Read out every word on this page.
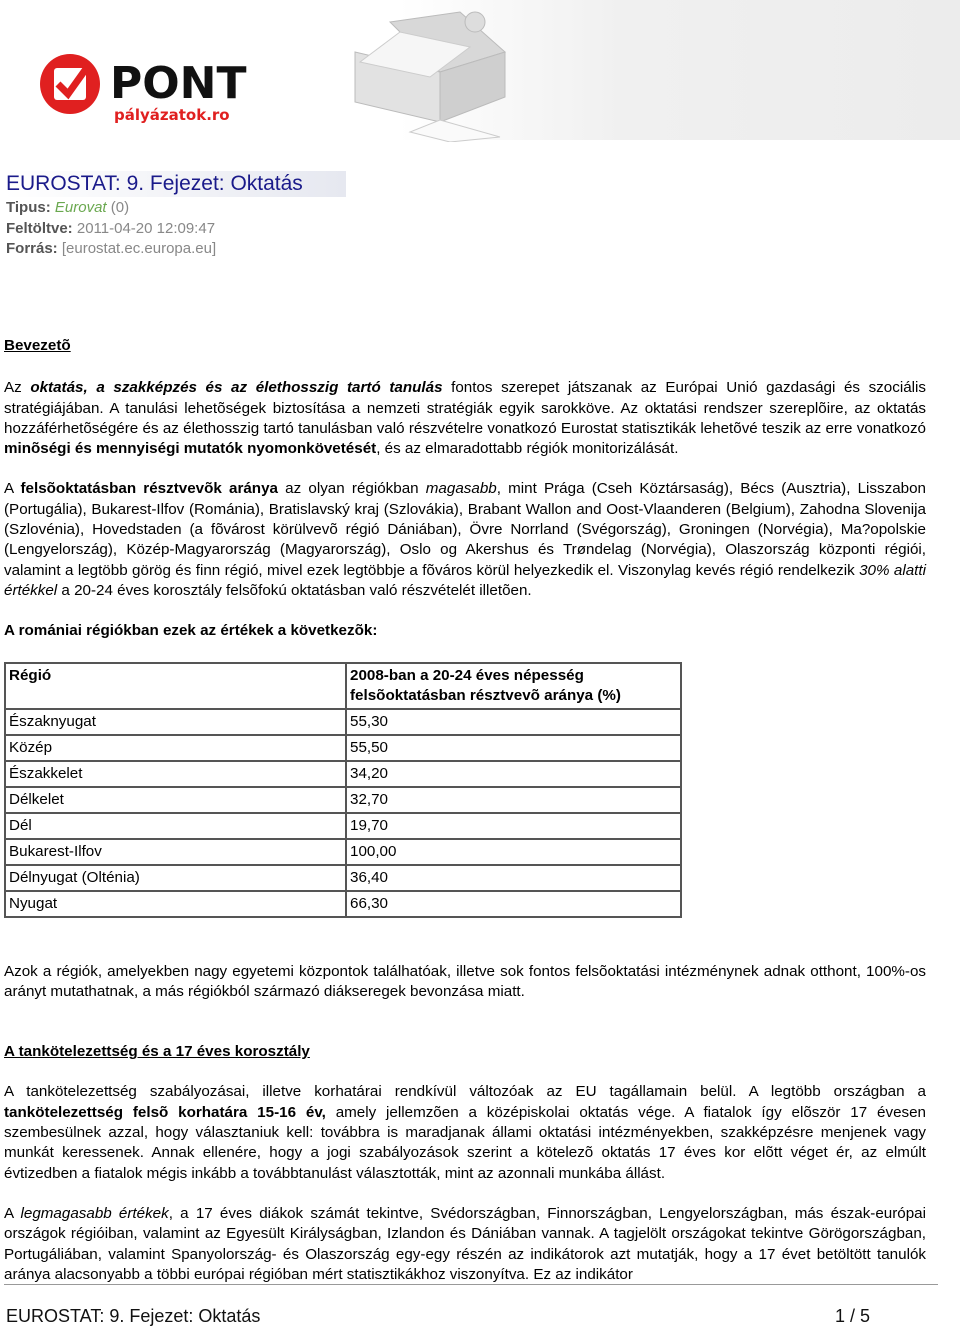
PONT
pályázatok.ro
EUROSTAT: 9. Fejezet: Oktatás
Tipus: Eurovat (0)
Feltöltve: 2011-04-20 12:09:47
Forrás: [eurostat.ec.europa.eu]

Bevezetõ

Az oktatás, a szakképzés és az élethosszig tartó tanulás fontos szerepet játszanak az Európai Unió gazdasági és szociális stratégiájában. A tanulási lehetõségek biztosítása a nemzeti stratégiák egyik sarokköve. Az oktatási rendszer szereplõire, az oktatás hozzáférhetõségére és az élethosszig tartó tanulásban való részvételre vonatkozó Eurostat statisztikák lehetõvé teszik az erre vonatkozó minõségi és mennyiségi mutatók nyomonkövetését, és az elmaradottabb régiók monitorizálását.

A felsõoktatásban résztvevõk aránya az olyan régiókban magasabb, mint Prága (Cseh Köztársaság), Bécs (Ausztria), Lisszabon (Portugália), Bukarest-Ilfov (Románia), Bratislavský kraj (Szlovákia), Brabant Wallon and Oost-Vlaanderen (Belgium), Zahodna Slovenija (Szlovénia), Hovedstaden (a fõvárost körülvevõ régió Dániában), Övre Norrland (Svégország), Groningen (Norvégia), Ma?opolskie (Lengyelország), Közép-Magyarország (Magyarország), Oslo og Akershus és Trøndelag (Norvégia), Olaszország központi régiói, valamint a legtöbb görög és finn régió, mivel ezek legtöbbje a fõváros körül helyezkedik el. Viszonylag kevés régió rendelkezik 30% alatti értékkel a 20-24 éves korosztály felsõfokú oktatásban való részvételét illetõen.

A romániai régiókban ezek az értékek a következõk:

Régió	2008-ban a 20-24 éves népesség felsõoktatásban résztvevõ aránya (%)
Északnyugat	55,30
Közép	55,50
Északkelet	34,20
Délkelet	32,70
Dél	19,70
Bukarest-Ilfov	100,00
Délnyugat (Olténia)	36,40
Nyugat	66,30

Azok a régiók, amelyekben nagy egyetemi központok találhatóak, illetve sok fontos felsõoktatási intézménynek adnak otthont, 100%-os arányt mutathatnak, a más régiókból származó diákseregek bevonzása miatt.

A tankötelezettség és a 17 éves korosztály

A tankötelezettség szabályozásai, illetve korhatárai rendkívül változóak az EU tagállamain belül. A legtöbb országban a tankötelezettség felsõ korhatára 15-16 év, amely jellemzõen a középiskolai oktatás vége. A fiatalok így elõször 17 évesen szembesülnek azzal, hogy választaniuk kell: továbbra is maradjanak állami oktatási intézményekben, szakképzésre menjenek vagy munkát keressenek. Annak ellenére, hogy a jogi szabályozások szerint a kötelezõ oktatás 17 éves kor elõtt véget ér, az elmúlt évtizedben a fiatalok mégis inkább a továbbtanulást választották, mint az azonnali munkába állást.

A legmagasabb értékek, a 17 éves diákok számát tekintve, Svédországban, Finnországban, Lengyelországban, más észak-európai országok régióiban, valamint az Egyesült Királyságban, Izlandon és Dániában vannak. A tagjelölt országokat tekintve Görögországban, Portugáliában, valamint Spanyolország- és Olaszország egy-egy részén az indikátorok azt mutatják, hogy a 17 évet betöltött tanulók aránya alacsonyabb a többi európai régióban mért statisztikákhoz viszonyítva. Ez az indikátor

EUROSTAT: 9. Fejezet: Oktatás	1 / 5
